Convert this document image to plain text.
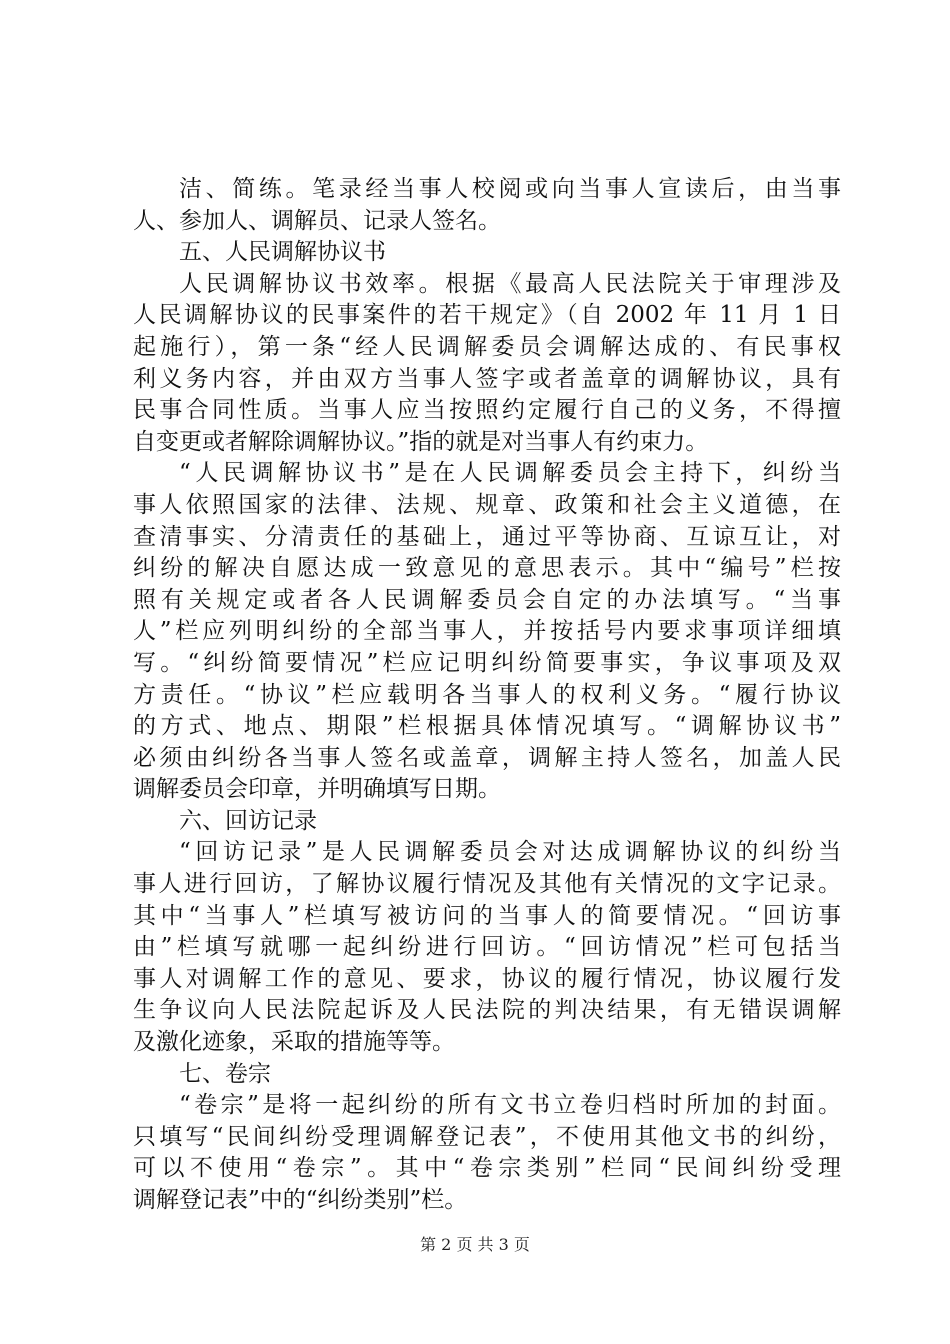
洁、简练。笔录经当事人校阅或向当事人宣读后，由当事
人、参加人、调解员、记录人签名。
五、人民调解协议书
人民调解协议书效率。根据《最高人民法院关于审理涉及
人民调解协议的民事案件的若干规定》（自 2002 年 11 月 1 日
起施行），第一条“经人民调解委员会调解达成的、有民事权
利义务内容，并由双方当事人签字或者盖章的调解协议，具有
民事合同性质。当事人应当按照约定履行自己的义务，不得擅
自变更或者解除调解协议。”指的就是对当事人有约束力。
“人民调解协议书”是在人民调解委员会主持下，纠纷当
事人依照国家的法律、法规、规章、政策和社会主义道德，在
查清事实、分清责任的基础上，通过平等协商、互谅互让，对
纠纷的解决自愿达成一致意见的意思表示。其中“编号”栏按
照有关规定或者各人民调解委员会自定的办法填写。“当事
人”栏应列明纠纷的全部当事人，并按括号内要求事项详细填
写。“纠纷简要情况”栏应记明纠纷简要事实，争议事项及双
方责任。“协议”栏应载明各当事人的权利义务。“履行协议
的方式、地点、期限”栏根据具体情况填写。“调解协议书”
必须由纠纷各当事人签名或盖章，调解主持人签名，加盖人民
调解委员会印章，并明确填写日期。
六、回访记录
“回访记录”是人民调解委员会对达成调解协议的纠纷当
事人进行回访，了解协议履行情况及其他有关情况的文字记录。
其中“当事人”栏填写被访问的当事人的简要情况。“回访事
由”栏填写就哪一起纠纷进行回访。“回访情况”栏可包括当
事人对调解工作的意见、要求，协议的履行情况，协议履行发
生争议向人民法院起诉及人民法院的判决结果，有无错误调解
及激化迹象，采取的措施等等。
七、卷宗
“卷宗”是将一起纠纷的所有文书立卷归档时所加的封面。
只填写“民间纠纷受理调解登记表”，不使用其他文书的纠纷，
可以不使用“卷宗”。其中“卷宗类别”栏同“民间纠纷受理
调解登记表”中的“纠纷类别”栏。
第 2 页 共 3 页
